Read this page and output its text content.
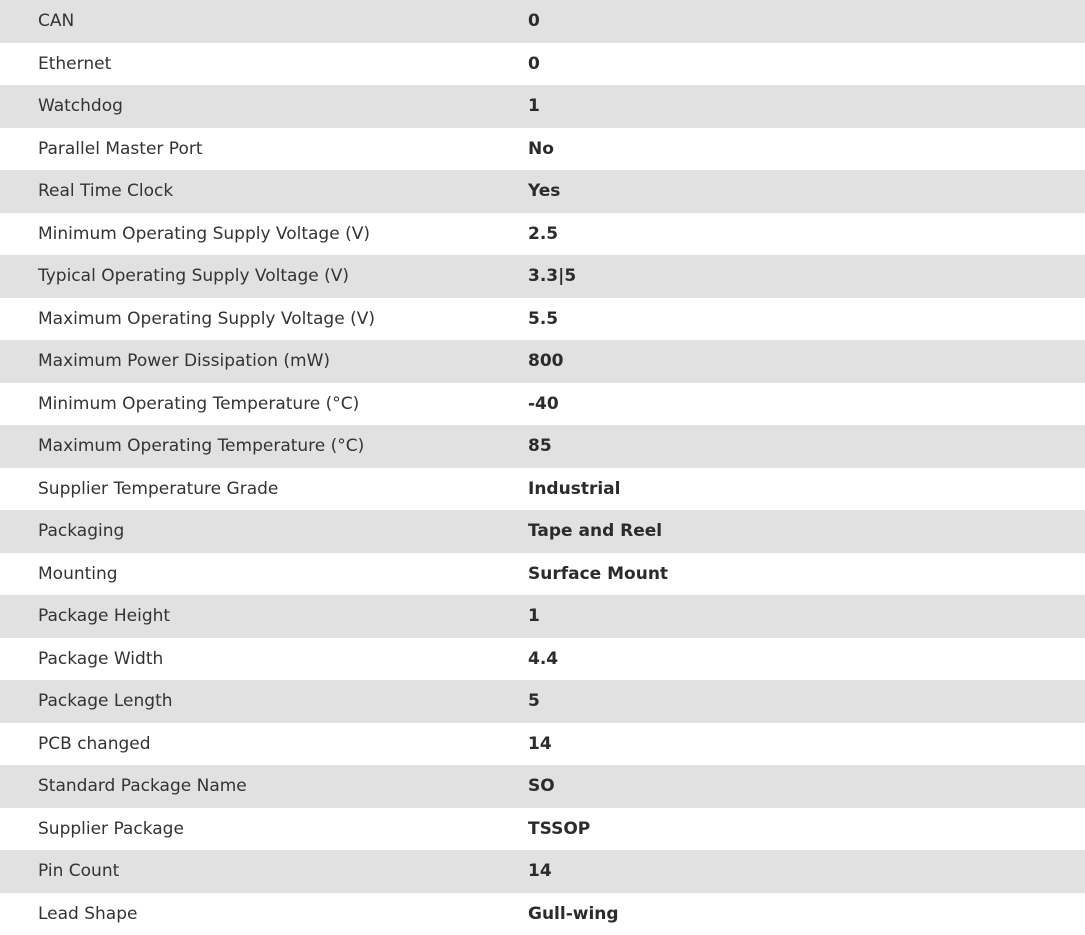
CAN	0
Ethernet	0
Watchdog	1
Parallel Master Port	No
Real Time Clock	Yes
Minimum Operating Supply Voltage (V)	2.5
Typical Operating Supply Voltage (V)	3.3|5
Maximum Operating Supply Voltage (V)	5.5
Maximum Power Dissipation (mW)	800
Minimum Operating Temperature (°C)	-40
Maximum Operating Temperature (°C)	85
Supplier Temperature Grade	Industrial
Packaging	Tape and Reel
Mounting	Surface Mount
Package Height	1
Package Width	4.4
Package Length	5
PCB changed	14
Standard Package Name	SO
Supplier Package	TSSOP
Pin Count	14
Lead Shape	Gull-wing
